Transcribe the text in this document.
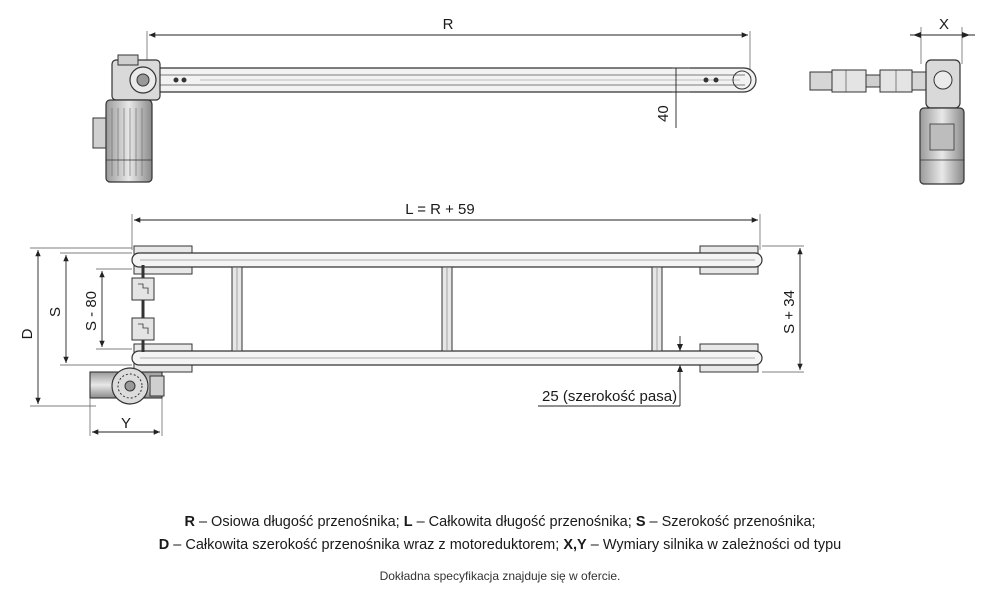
R
40
X
L = R + 59
D
S S - 80	S + 34
25 (szerokość pasa)
Y
R – Osiowa długość przenośnika; L – Całkowita długość przenośnika; S – Szerokość przenośnika;
D – Całkowita szerokość przenośnika wraz z motoreduktorem; X,Y – Wymiary silnika w zależności od typu
Dokładna specyfikacja znajduje się w ofercie.
